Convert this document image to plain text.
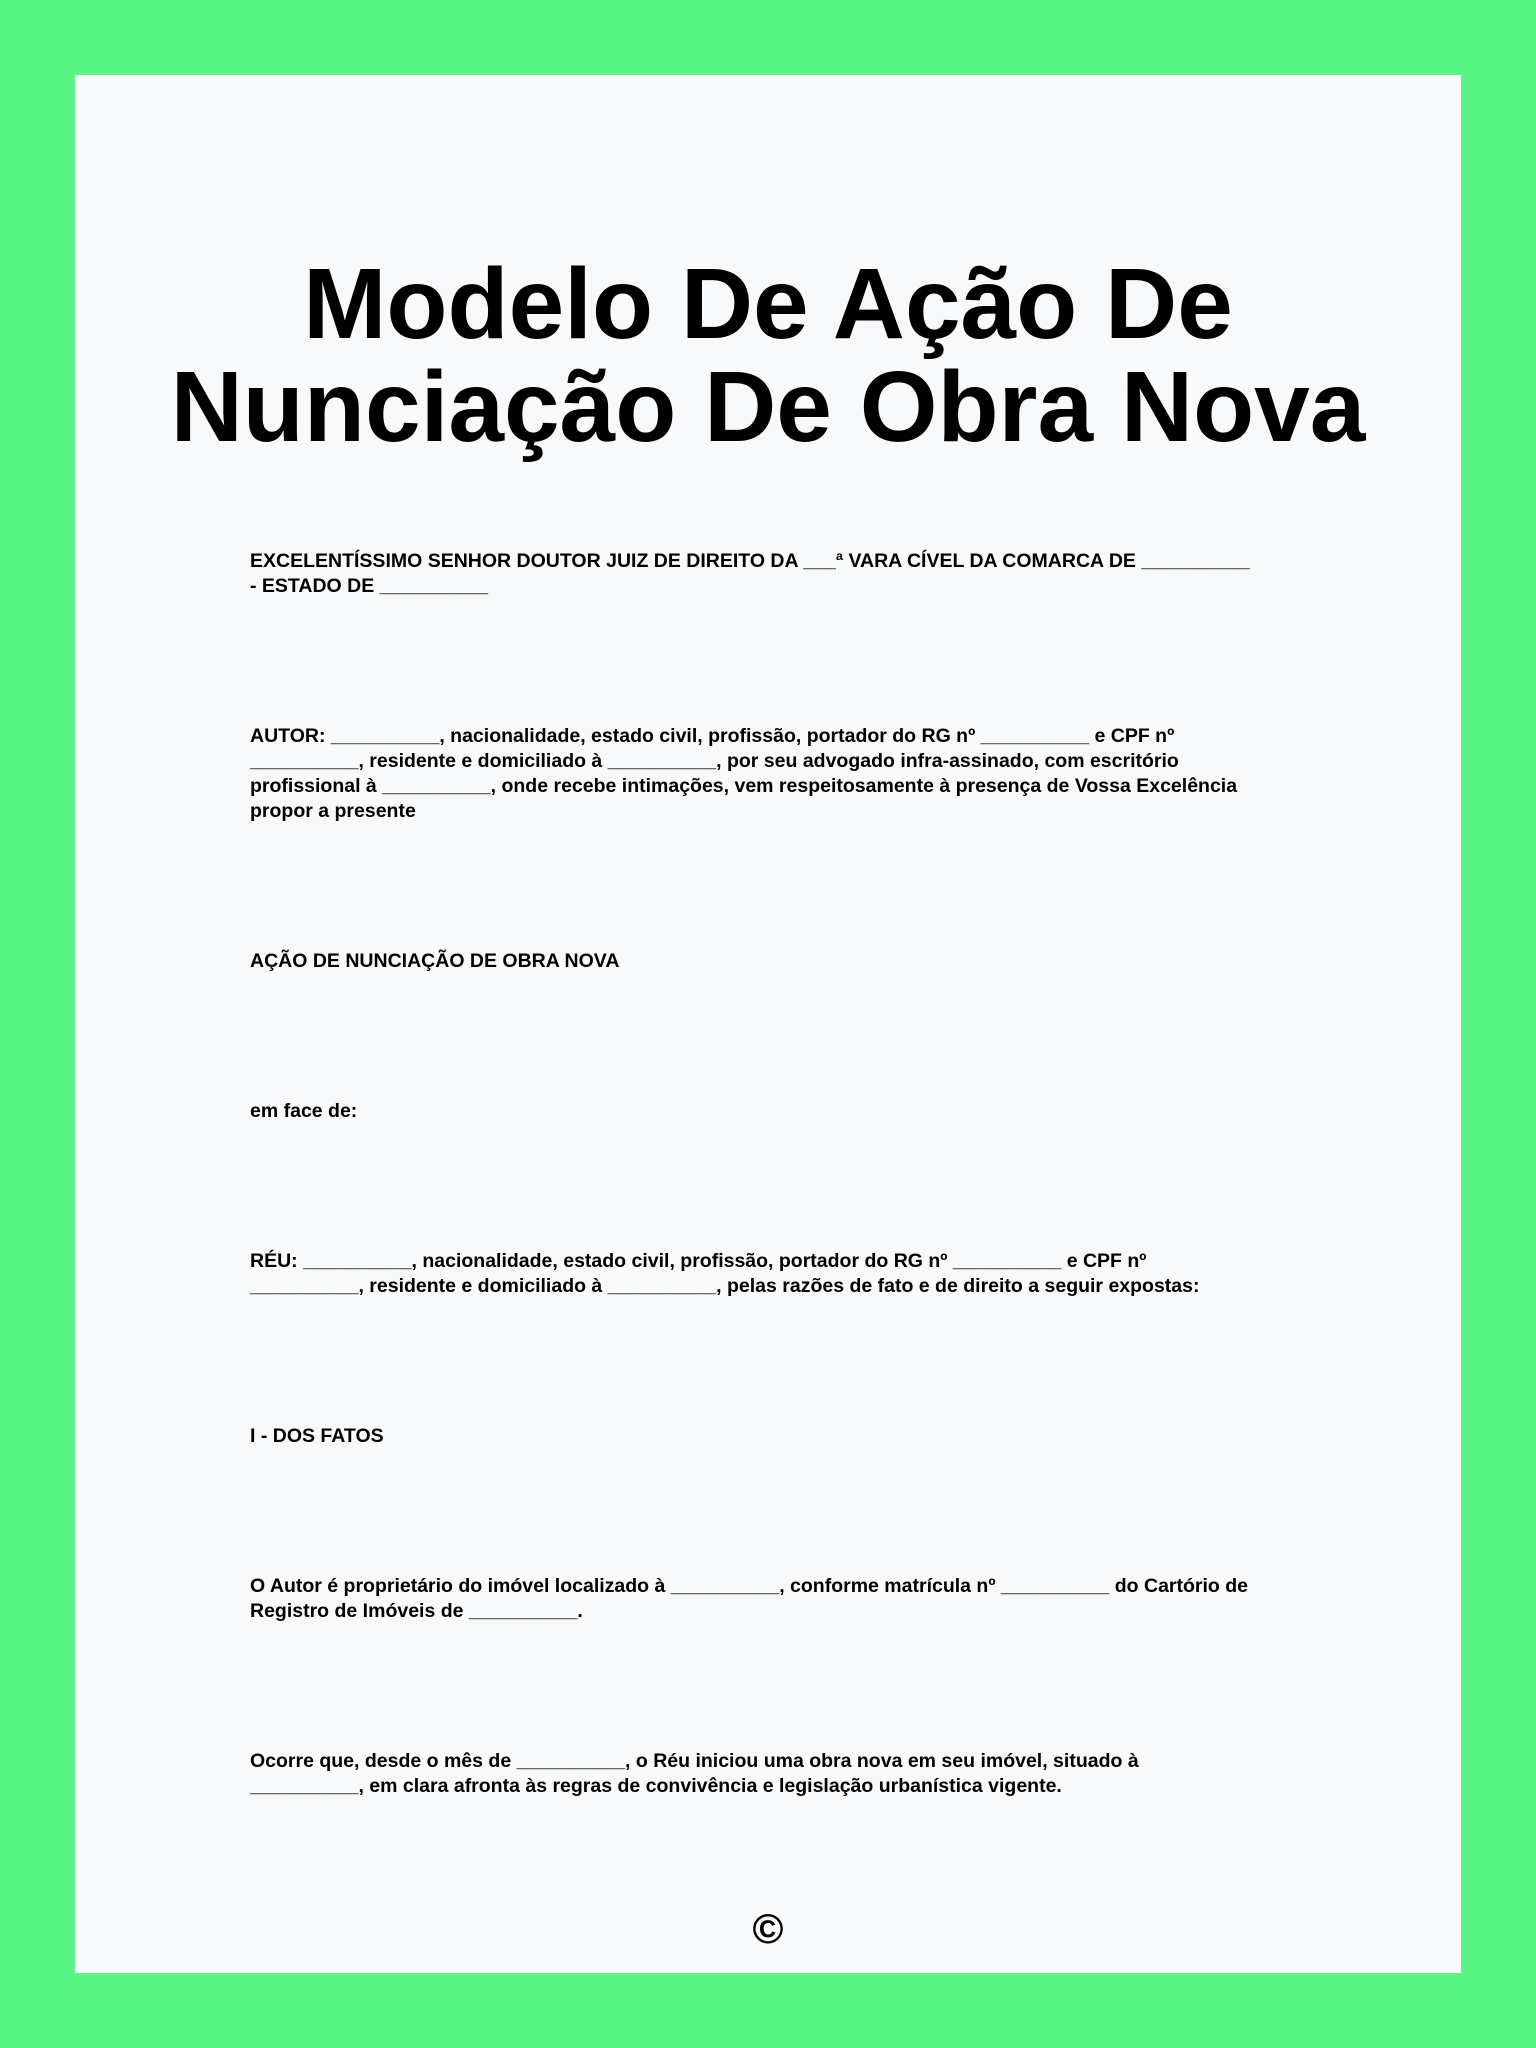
Modelo De Ação De
Nunciação De Obra Nova

EXCELENTÍSSIMO SENHOR DOUTOR JUIZ DE DIREITO DA ___ª VARA CÍVEL DA COMARCA DE __________
- ESTADO DE __________

AUTOR: __________, nacionalidade, estado civil, profissão, portador do RG nº __________ e CPF nº
__________, residente e domiciliado à __________, por seu advogado infra-assinado, com escritório
profissional à __________, onde recebe intimações, vem respeitosamente à presença de Vossa Excelência
propor a presente

AÇÃO DE NUNCIAÇÃO DE OBRA NOVA

em face de:

RÉU: __________, nacionalidade, estado civil, profissão, portador do RG nº __________ e CPF nº
__________, residente e domiciliado à __________, pelas razões de fato e de direito a seguir expostas:

I - DOS FATOS

O Autor é proprietário do imóvel localizado à __________, conforme matrícula nº __________ do Cartório de
Registro de Imóveis de __________.

Ocorre que, desde o mês de __________, o Réu iniciou uma obra nova em seu imóvel, situado à
__________, em clara afronta às regras de convivência e legislação urbanística vigente.

©
